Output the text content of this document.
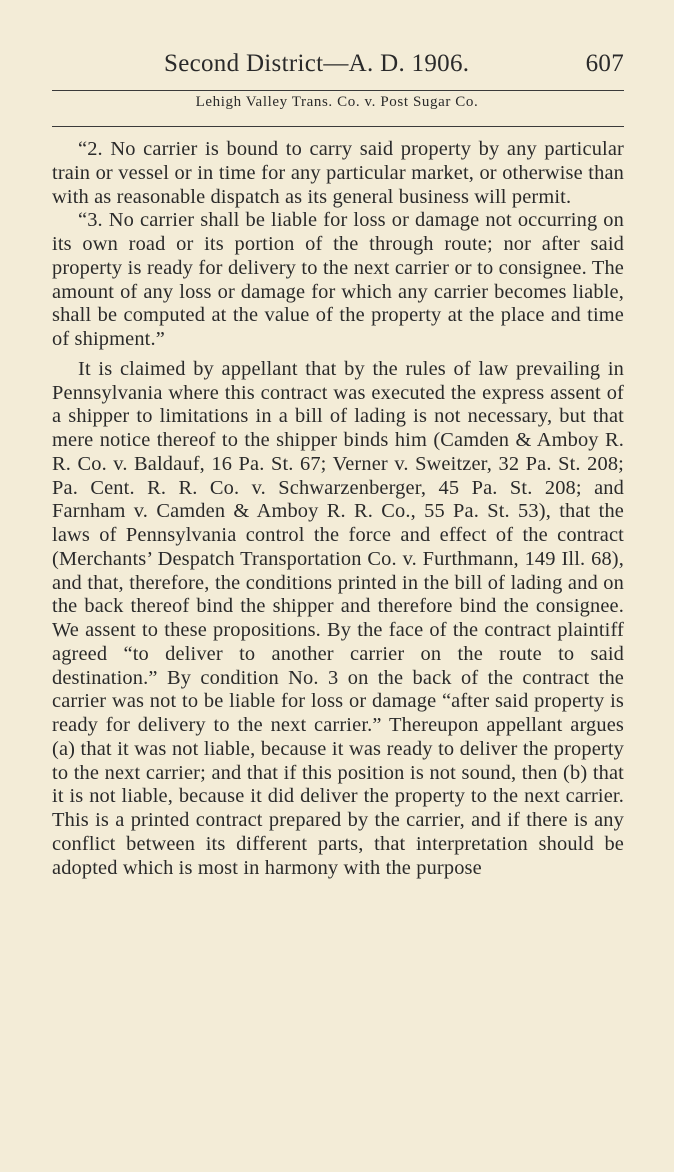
Second District—A. D. 1906.	607
Lehigh Valley Trans. Co. v. Post Sugar Co.

“2. No carrier is bound to carry said property by any particular train or vessel or in time for any particular market, or otherwise than with as reasonable dispatch as its general business will permit.

“3. No carrier shall be liable for loss or damage not occurring on its own road or its portion of the through route; nor after said property is ready for delivery to the next carrier or to consignee. The amount of any loss or damage for which any carrier becomes liable, shall be computed at the value of the property at the place and time of shipment.”

It is claimed by appellant that by the rules of law prevailing in Pennsylvania where this contract was executed the express assent of a shipper to limitations in a bill of lading is not necessary, but that mere notice thereof to the shipper binds him (Camden & Amboy R. R. Co. v. Baldauf, 16 Pa. St. 67; Verner v. Sweitzer, 32 Pa. St. 208; Pa. Cent. R. R. Co. v. Schwarzenberger, 45 Pa. St. 208; and Farnham v. Camden & Amboy R. R. Co., 55 Pa. St. 53), that the laws of Pennsylvania control the force and effect of the contract (Merchants’ Despatch Transportation Co. v. Furthmann, 149 Ill. 68), and that, therefore, the conditions printed in the bill of lading and on the back thereof bind the shipper and therefore bind the consignee. We assent to these propositions. By the face of the contract plaintiff agreed “to deliver to another carrier on the route to said destination.” By condition No. 3 on the back of the contract the carrier was not to be liable for loss or damage “after said property is ready for delivery to the next carrier.” Thereupon appellant argues (a) that it was not liable, because it was ready to deliver the property to the next carrier; and that if this position is not sound, then (b) that it is not liable, because it did deliver the property to the next carrier. This is a printed contract prepared by the carrier, and if there is any conflict between its different parts, that interpretation should be adopted which is most in harmony with the purpose
